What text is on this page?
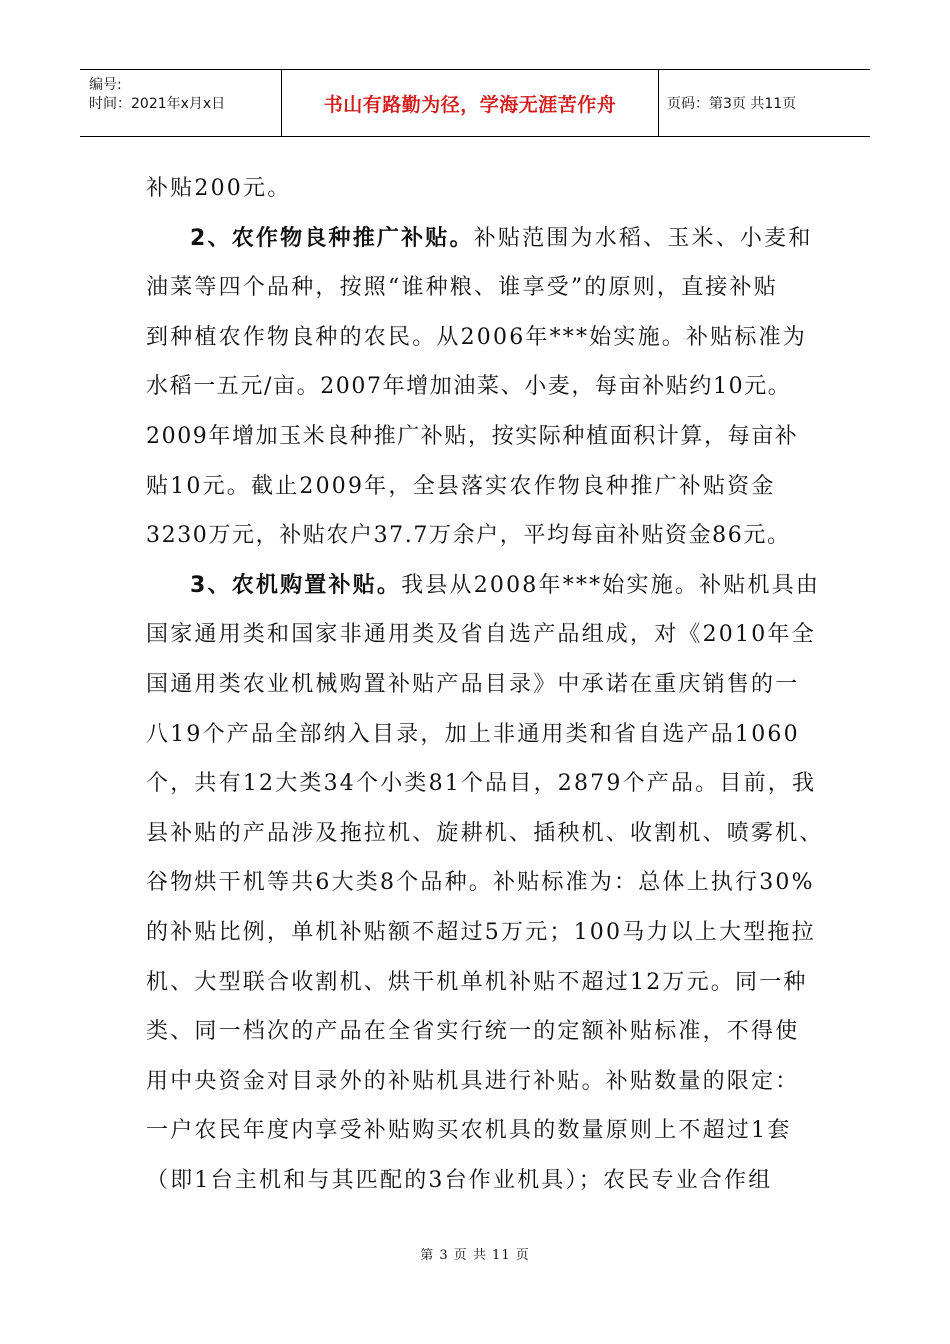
编号:
时间：2021年x月x日	书山有路勤为径，学海无涯苦作舟	页码：第3页 共11页
补贴200元。
2、农作物良种推广补贴。补贴范围为水稻、玉米、小麦和
油菜等四个品种，按照“谁种粮、谁享受”的原则，直接补贴
到种植农作物良种的农民。从2006年***始实施。补贴标准为
水稻一五元/亩。2007年增加油菜、小麦，每亩补贴约10元。
2009年增加玉米良种推广补贴，按实际种植面积计算，每亩补
贴10元。截止2009年，全县落实农作物良种推广补贴资金
3230万元，补贴农户37.7万余户，平均每亩补贴资金86元。
3、农机购置补贴。我县从2008年***始实施。补贴机具由
国家通用类和国家非通用类及省自选产品组成，对《2010年全
国通用类农业机械购置补贴产品目录》中承诺在重庆销售的一
八19个产品全部纳入目录，加上非通用类和省自选产品1060
个，共有12大类34个小类81个品目，2879个产品。目前，我
县补贴的产品涉及拖拉机、旋耕机、插秧机、收割机、喷雾机、
谷物烘干机等共6大类8个品种。补贴标准为：总体上执行30%
的补贴比例，单机补贴额不超过5万元；100马力以上大型拖拉
机、大型联合收割机、烘干机单机补贴不超过12万元。同一种
类、同一档次的产品在全省实行统一的定额补贴标准，不得使
用中央资金对目录外的补贴机具进行补贴。补贴数量的限定：
一户农民年度内享受补贴购买农机具的数量原则上不超过1套
（即1台主机和与其匹配的3台作业机具）；农民专业合作组
第 3 页 共 11 页
